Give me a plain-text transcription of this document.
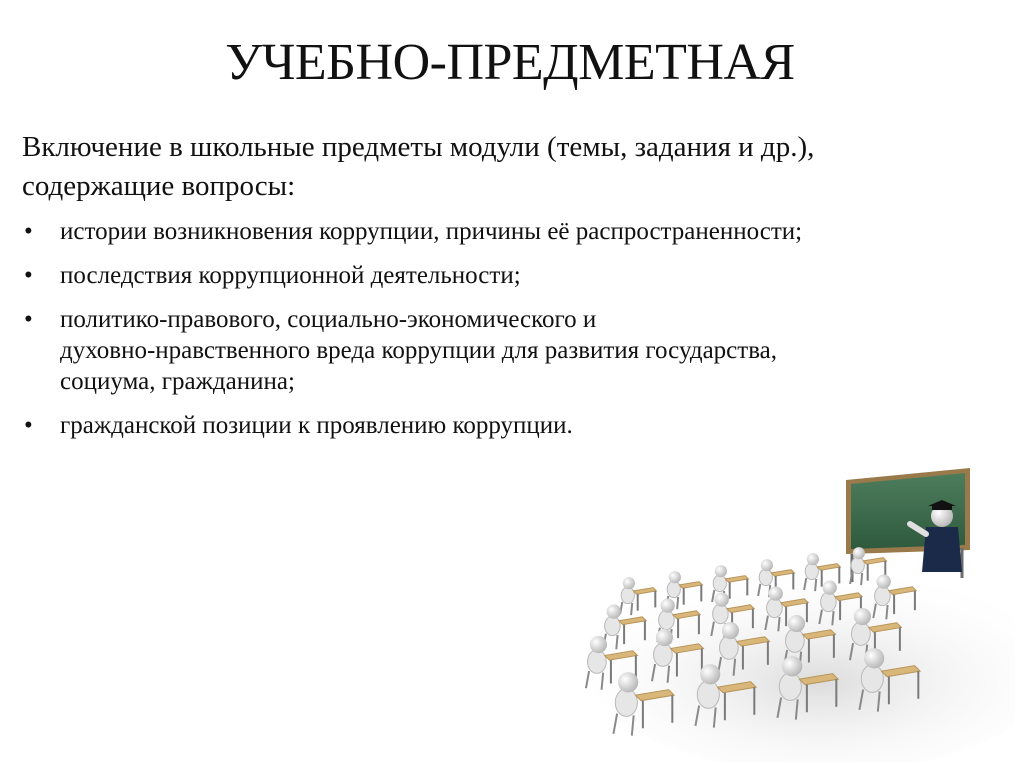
УЧЕБНО-ПРЕДМЕТНАЯ
Включение в школьные предметы модули (темы, задания и др.),
содержащие вопросы:
• истории возникновения коррупции, причины её распространенности;
• последствия коррупционной деятельности;
• политико-правового, социально-экономического и
духовно-нравственного вреда коррупции для развития государства,
социума, гражданина;
• гражданской позиции к проявлению коррупции.
